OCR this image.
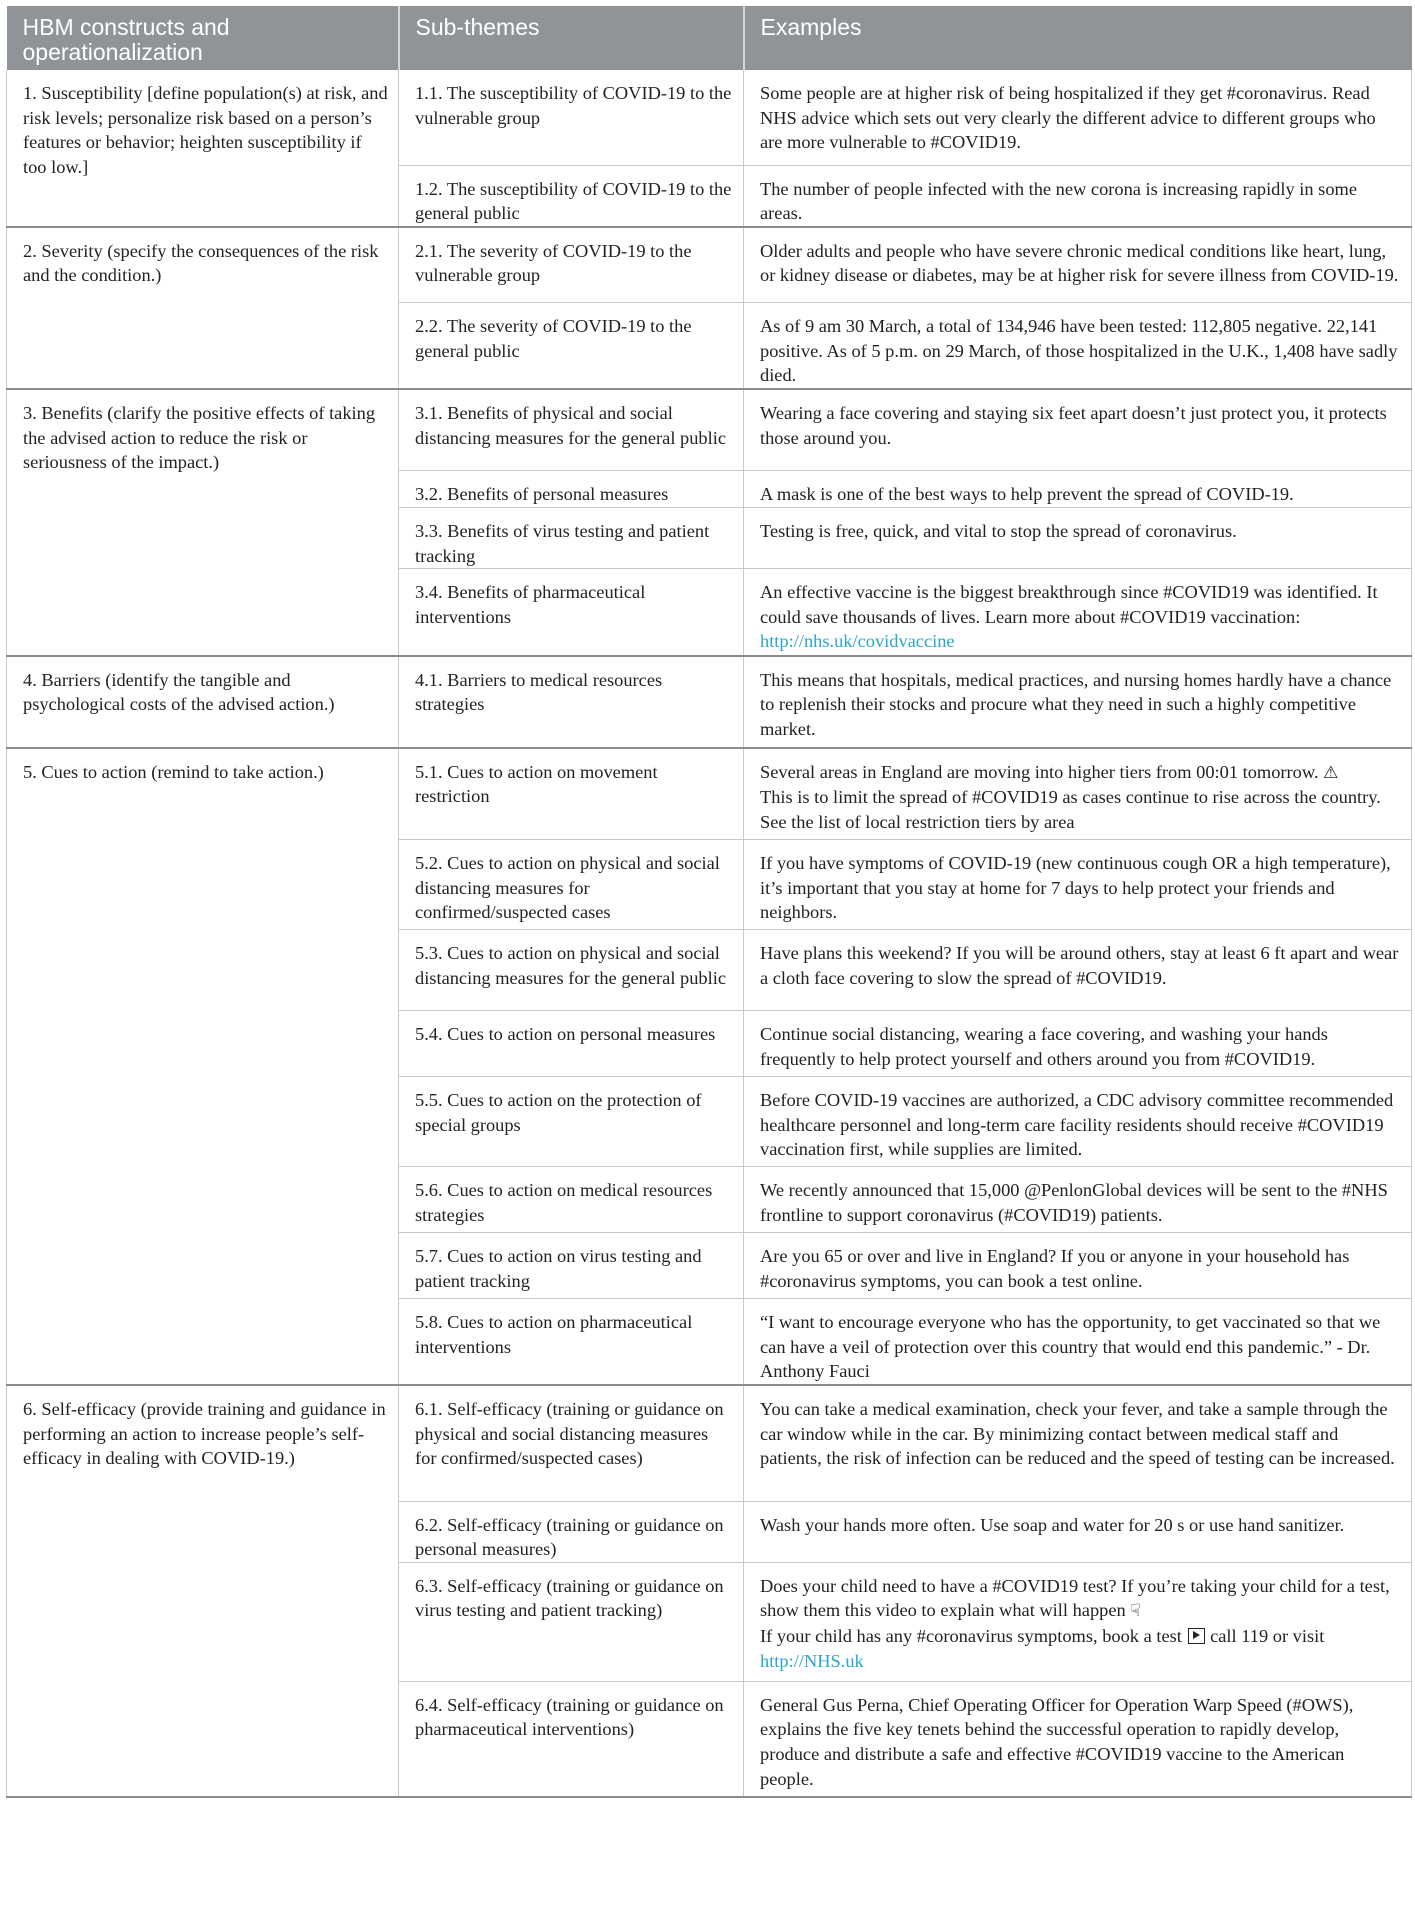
HBM constructs and operationalization	Sub-themes	Examples
1. Susceptibility [define population(s) at risk, and risk levels; personalize risk based on a person’s features or behavior; heighten susceptibility if too low.]	1.1. The susceptibility of COVID-19 to the vulnerable group	Some people are at higher risk of being hospitalized if they get #coronavirus. Read NHS advice which sets out very clearly the different advice to different groups who are more vulnerable to #COVID19.
	1.2. The susceptibility of COVID-19 to the general public	The number of people infected with the new corona is increasing rapidly in some areas.
2. Severity (specify the consequences of the risk and the condition.)	2.1. The severity of COVID-19 to the vulnerable group	Older adults and people who have severe chronic medical conditions like heart, lung, or kidney disease or diabetes, may be at higher risk for severe illness from COVID-19.
	2.2. The severity of COVID-19 to the general public	As of 9 am 30 March, a total of 134,946 have been tested: 112,805 negative. 22,141 positive. As of 5 p.m. on 29 March, of those hospitalized in the U.K., 1,408 have sadly died.
3. Benefits (clarify the positive effects of taking the advised action to reduce the risk or seriousness of the impact.)	3.1. Benefits of physical and social distancing measures for the general public	Wearing a face covering and staying six feet apart doesn’t just protect you, it protects those around you.
	3.2. Benefits of personal measures	A mask is one of the best ways to help prevent the spread of COVID-19.
	3.3. Benefits of virus testing and patient tracking	Testing is free, quick, and vital to stop the spread of coronavirus.
	3.4. Benefits of pharmaceutical interventions	An effective vaccine is the biggest breakthrough since #COVID19 was identified. It could save thousands of lives. Learn more about #COVID19 vaccination: http://nhs.uk/covidvaccine
4. Barriers (identify the tangible and psychological costs of the advised action.)	4.1. Barriers to medical resources strategies	This means that hospitals, medical practices, and nursing homes hardly have a chance to replenish their stocks and procure what they need in such a highly competitive market.
5. Cues to action (remind to take action.)	5.1. Cues to action on movement restriction	Several areas in England are moving into higher tiers from 00:01 tomorrow. ⚠
This is to limit the spread of #COVID19 as cases continue to rise across the country. See the list of local restriction tiers by area
	5.2. Cues to action on physical and social distancing measures for confirmed/suspected cases	If you have symptoms of COVID-19 (new continuous cough OR a high temperature), it’s important that you stay at home for 7 days to help protect your friends and neighbors.
	5.3. Cues to action on physical and social distancing measures for the general public	Have plans this weekend? If you will be around others, stay at least 6 ft apart and wear a cloth face covering to slow the spread of #COVID19.
	5.4. Cues to action on personal measures	Continue social distancing, wearing a face covering, and washing your hands frequently to help protect yourself and others around you from #COVID19.
	5.5. Cues to action on the protection of special groups	Before COVID-19 vaccines are authorized, a CDC advisory committee recommended healthcare personnel and long-term care facility residents should receive #COVID19 vaccination first, while supplies are limited.
	5.6. Cues to action on medical resources strategies	We recently announced that 15,000 @PenlonGlobal devices will be sent to the #NHS frontline to support coronavirus (#COVID19) patients.
	5.7. Cues to action on virus testing and patient tracking	Are you 65 or over and live in England? If you or anyone in your household has #coronavirus symptoms, you can book a test online.
	5.8. Cues to action on pharmaceutical interventions	“I want to encourage everyone who has the opportunity, to get vaccinated so that we can have a veil of protection over this country that would end this pandemic.” - Dr. Anthony Fauci
6. Self-efficacy (provide training and guidance in performing an action to increase people’s self-efficacy in dealing with COVID-19.)	6.1. Self-efficacy (training or guidance on physical and social distancing measures for confirmed/suspected cases)	You can take a medical examination, check your fever, and take a sample through the car window while in the car. By minimizing contact between medical staff and patients, the risk of infection can be reduced and the speed of testing can be increased.
	6.2. Self-efficacy (training or guidance on personal measures)	Wash your hands more often. Use soap and water for 20 s or use hand sanitizer.
	6.3. Self-efficacy (training or guidance on virus testing and patient tracking)	Does your child need to have a #COVID19 test? If you’re taking your child for a test, show them this video to explain what will happen ☟
If your child has any #coronavirus symptoms, book a test call 119 or visit http://NHS.uk
	6.4. Self-efficacy (training or guidance on pharmaceutical interventions)	General Gus Perna, Chief Operating Officer for Operation Warp Speed (#OWS), explains the five key tenets behind the successful operation to rapidly develop, produce and distribute a safe and effective #COVID19 vaccine to the American people.
